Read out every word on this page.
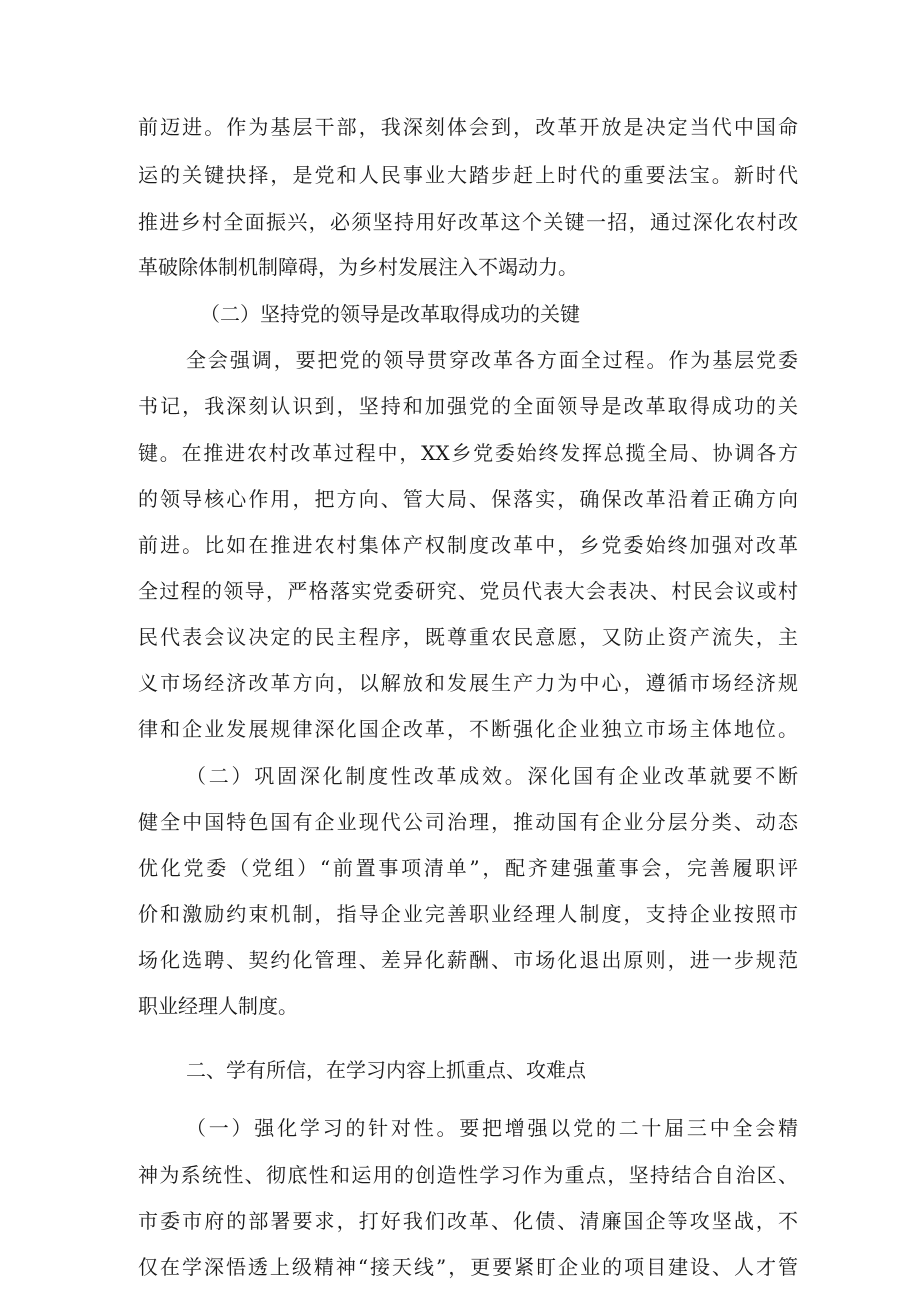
前迈进。作为基层干部，我深刻体会到，改革开放是决定当代中国命
运的关键抉择，是党和人民事业大踏步赶上时代的重要法宝。新时代
推进乡村全面振兴，必须坚持用好改革这个关键一招，通过深化农村改
革破除体制机制障碍，为乡村发展注入不竭动力。
（二）坚持党的领导是改革取得成功的关键
全会强调，要把党的领导贯穿改革各方面全过程。作为基层党委
书记，我深刻认识到，坚持和加强党的全面领导是改革取得成功的关
键。在推进农村改革过程中，XX乡党委始终发挥总揽全局、协调各方
的领导核心作用，把方向、管大局、保落实，确保改革沿着正确方向
前进。比如在推进农村集体产权制度改革中，乡党委始终加强对改革
全过程的领导，严格落实党委研究、党员代表大会表决、村民会议或村
民代表会议决定的民主程序，既尊重农民意愿，又防止资产流失，主
义市场经济改革方向，以解放和发展生产力为中心，遵循市场经济规
律和企业发展规律深化国企改革，不断强化企业独立市场主体地位。
（二）巩固深化制度性改革成效。深化国有企业改革就要不断
健全中国特色国有企业现代公司治理，推动国有企业分层分类、动态
优化党委（党组）“前置事项清单”，配齐建强董事会，完善履职评
价和激励约束机制，指导企业完善职业经理人制度，支持企业按照市
场化选聘、契约化管理、差异化薪酬、市场化退出原则，进一步规范
职业经理人制度。
二、学有所信，在学习内容上抓重点、攻难点
（一）强化学习的针对性。要把增强以党的二十届三中全会精
神为系统性、彻底性和运用的创造性学习作为重点，坚持结合自治区、
市委市府的部署要求，打好我们改革、化债、清廉国企等攻坚战，不
仅在学深悟透上级精神“接天线”，更要紧盯企业的项目建设、人才管
